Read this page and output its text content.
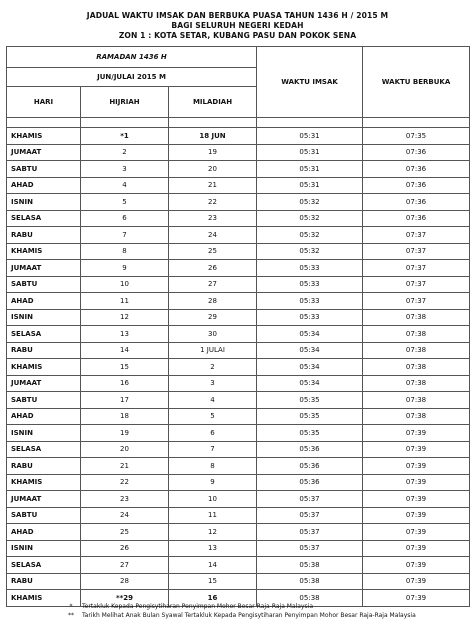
JADUAL WAKTU IMSAK DAN BERBUKA PUASA TAHUN 1436 H / 2015 M
BAGI SELURUH NEGERI KEDAH
ZON 1 : KOTA SETAR, KUBANG PASU DAN POKOK SENA
RAMADAN 1436 H			WAKTU IMSAK	WAKTU BERBUKA
JUN/JULAI 2015 M				
HARI	HIJRIAH	MILADIAH		

KHAMIS	*1	18 JUN	05:31	07:35
JUMAAT	2	19	05:31	07:36
SABTU	3	20	05:31	07:36
AHAD	4	21	05:31	07:36
ISNIN	5	22	05:32	07:36
SELASA	6	23	05:32	07:36
RABU	7	24	05:32	07:37
KHAMIS	8	25	05:32	07:37
JUMAAT	9	26	05:33	07:37
SABTU	10	27	05:33	07:37
AHAD	11	28	05:33	07:37
ISNIN	12	29	05:33	07:38
SELASA	13	30	05:34	07:38
RABU	14	1 JULAI	05:34	07:38
KHAMIS	15	2	05:34	07:38
JUMAAT	16	3	05:34	07:38
SABTU	17	4	05:35	07:38
AHAD	18	5	05:35	07:38
ISNIN	19	6	05:35	07:39
SELASA	20	7	05:36	07:39
RABU	21	8	05:36	07:39
KHAMIS	22	9	05:36	07:39
JUMAAT	23	10	05:37	07:39
SABTU	24	11	05:37	07:39
AHAD	25	12	05:37	07:39
ISNIN	26	13	05:37	07:39
SELASA	27	14	05:38	07:39
RABU	28	15	05:38	07:39
KHAMIS	**29	16	05:38	07:39
*	Tertakluk Kepada Pengisytiharan Penyimpan Mohor Besar Raja-Raja Malaysia
**	Tarikh Melihat Anak Bulan Syawal Tertakluk Kepada Pengisytiharan Penyimpan Mohor Besar Raja-Raja Malaysia
